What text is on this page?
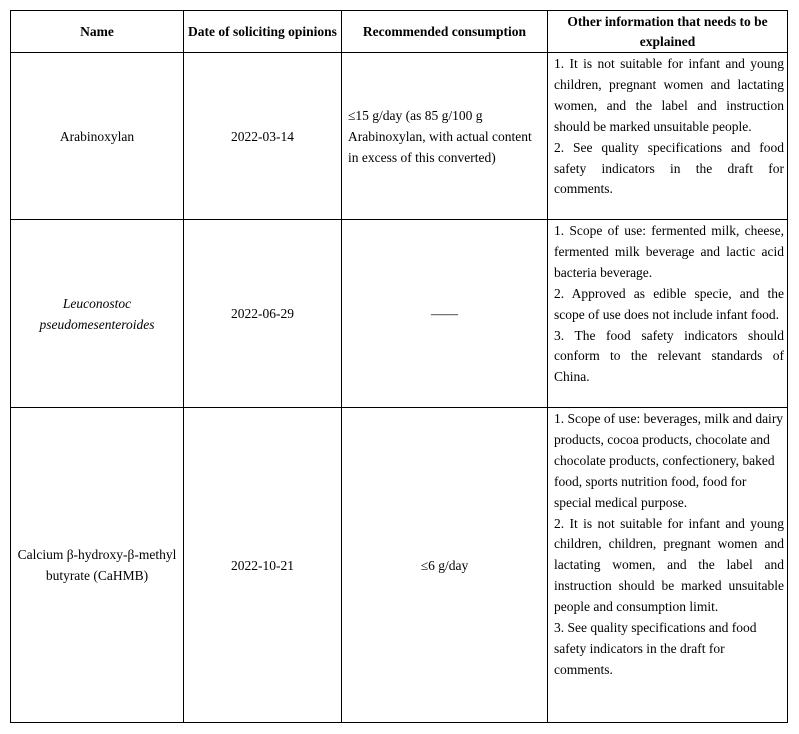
Name	Date of soliciting opinions	Recommended consumption	Other information that needs to be explained
Arabinoxylan	2022-03-14	≤15 g/day (as 85 g/100 g Arabinoxylan, with actual content in excess of this converted)	1. It is not suitable for infant and young children, pregnant women and lactating women, and the label and instruction should be marked unsuitable people.
2. See quality specifications and food safety indicators in the draft for comments.

Leuconostoc pseudomesenteroides	2022-06-29	——	1. Scope of use: fermented milk, cheese, fermented milk beverage and lactic acid bacteria beverage.
2. Approved as edible specie, and the scope of use does not include infant food.
3. The food safety indicators should conform to the relevant standards of China.

Calcium β-hydroxy-β-methyl butyrate (CaHMB)	2022-10-21	≤6 g/day	1. Scope of use: beverages, milk and dairy products, cocoa products, chocolate and chocolate products, confectionery, baked food, sports nutrition food, food for special medical purpose.
2. It is not suitable for infant and young children, children, pregnant women and lactating women, and the label and instruction should be marked unsuitable people and consumption limit.
3. See quality specifications and food safety indicators in the draft for comments.
